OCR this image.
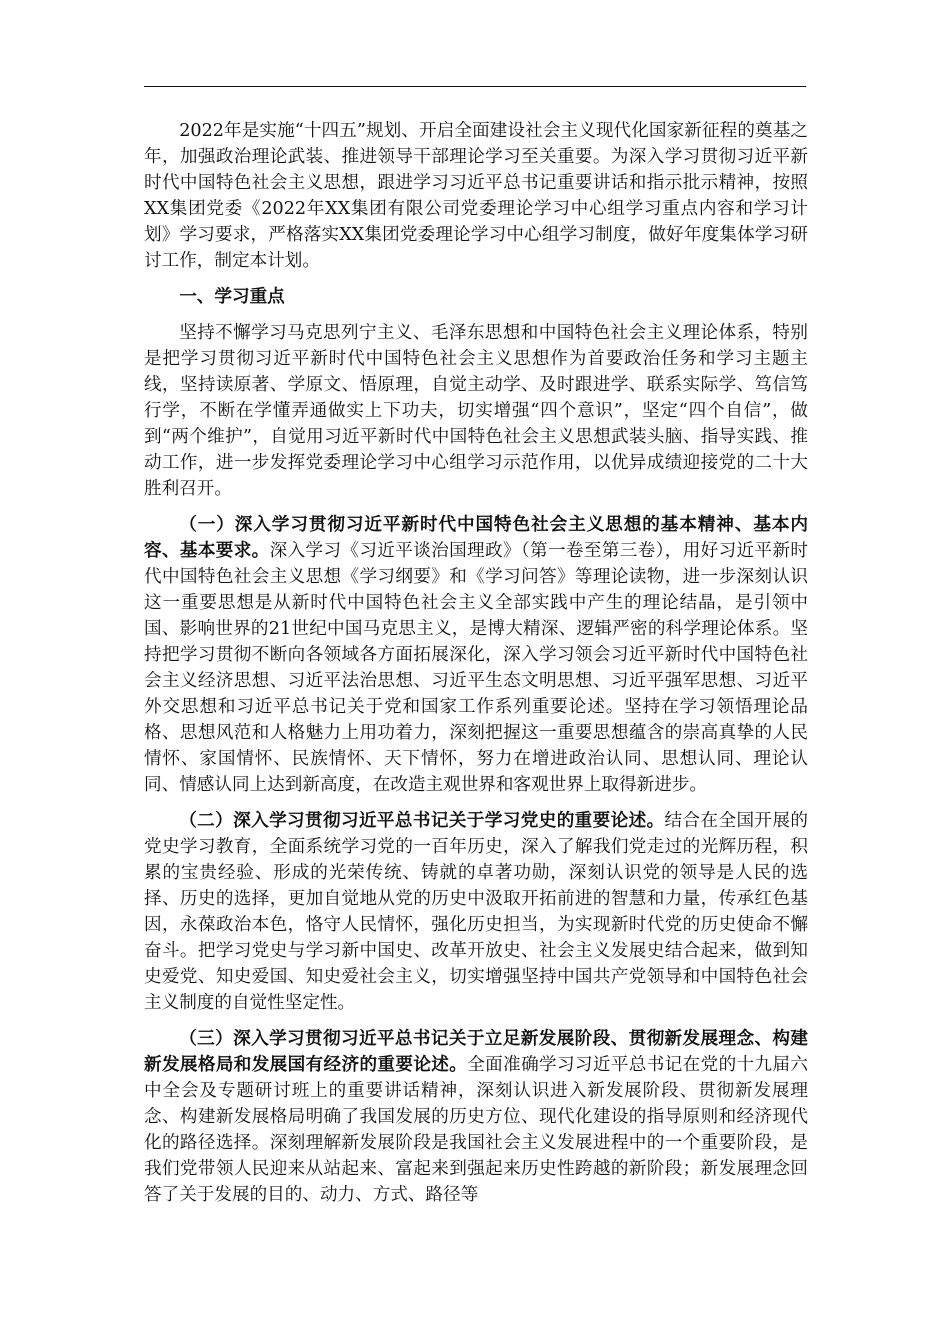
2022年是实施“十四五”规划、开启全面建设社会主义现代化国家新征程的奠基之年，加强政治理论武装、推进领导干部理论学习至关重要。为深入学习贯彻习近平新时代中国特色社会主义思想，跟进学习习近平总书记重要讲话和指示批示精神，按照XX集团党委《2022年XX集团有限公司党委理论学习中心组学习重点内容和学习计划》学习要求，严格落实XX集团党委理论学习中心组学习制度，做好年度集体学习研讨工作，制定本计划。

一、学习重点

坚持不懈学习马克思列宁主义、毛泽东思想和中国特色社会主义理论体系，特别是把学习贯彻习近平新时代中国特色社会主义思想作为首要政治任务和学习主题主线，坚持读原著、学原文、悟原理，自觉主动学、及时跟进学、联系实际学、笃信笃行学，不断在学懂弄通做实上下功夫，切实增强“四个意识”，坚定“四个自信”，做到“两个维护”，自觉用习近平新时代中国特色社会主义思想武装头脑、指导实践、推动工作，进一步发挥党委理论学习中心组学习示范作用，以优异成绩迎接党的二十大胜利召开。

（一）深入学习贯彻习近平新时代中国特色社会主义思想的基本精神、基本内容、基本要求。深入学习《习近平谈治国理政》（第一卷至第三卷），用好习近平新时代中国特色社会主义思想《学习纲要》和《学习问答》等理论读物，进一步深刻认识这一重要思想是从新时代中国特色社会主义全部实践中产生的理论结晶，是引领中国、影响世界的21世纪中国马克思主义，是博大精深、逻辑严密的科学理论体系。坚持把学习贯彻不断向各领域各方面拓展深化，深入学习领会习近平新时代中国特色社会主义经济思想、习近平法治思想、习近平生态文明思想、习近平强军思想、习近平外交思想和习近平总书记关于党和国家工作系列重要论述。坚持在学习领悟理论品格、思想风范和人格魅力上用功着力，深刻把握这一重要思想蕴含的崇高真挚的人民情怀、家国情怀、民族情怀、天下情怀，努力在增进政治认同、思想认同、理论认同、情感认同上达到新高度，在改造主观世界和客观世界上取得新进步。

（二）深入学习贯彻习近平总书记关于学习党史的重要论述。结合在全国开展的党史学习教育，全面系统学习党的一百年历史，深入了解我们党走过的光辉历程，积累的宝贵经验、形成的光荣传统、铸就的卓著功勋，深刻认识党的领导是人民的选择、历史的选择，更加自觉地从党的历史中汲取开拓前进的智慧和力量，传承红色基因，永葆政治本色，恪守人民情怀，强化历史担当，为实现新时代党的历史使命不懈奋斗。把学习党史与学习新中国史、改革开放史、社会主义发展史结合起来，做到知史爱党、知史爱国、知史爱社会主义，切实增强坚持中国共产党领导和中国特色社会主义制度的自觉性坚定性。

（三）深入学习贯彻习近平总书记关于立足新发展阶段、贯彻新发展理念、构建新发展格局和发展国有经济的重要论述。全面准确学习习近平总书记在党的十九届六中全会及专题研讨班上的重要讲话精神，深刻认识进入新发展阶段、贯彻新发展理念、构建新发展格局明确了我国发展的历史方位、现代化建设的指导原则和经济现代化的路径选择。深刻理解新发展阶段是我国社会主义发展进程中的一个重要阶段，是我们党带领人民迎来从站起来、富起来到强起来历史性跨越的新阶段；新发展理念回答了关于发展的目的、动力、方式、路径等
